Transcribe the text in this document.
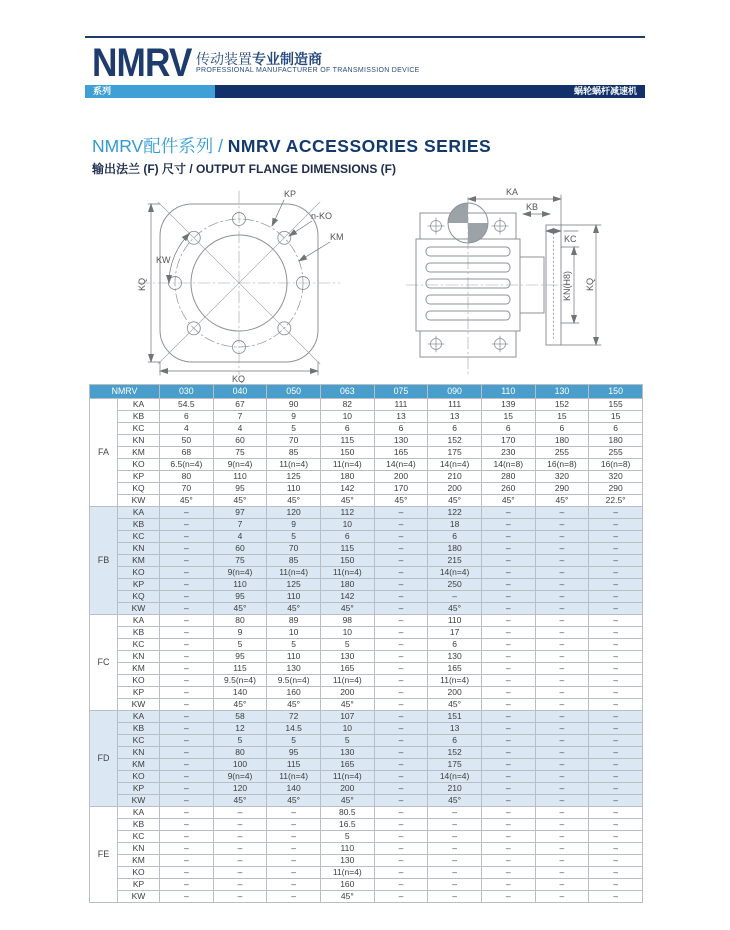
NMRV 传动装置专业制造商
PROFESSIONAL MANUFACTURER OF TRANSMISSION DEVICE
系列	蜗轮蜗杆减速机
NMRV配件系列 / NMRV ACCESSORIES SERIES
输出法兰 (F) 尺寸 / OUTPUT FLANGE DIMENSIONS (F)
KP
n-KO
KM
KW
KQ
KQ
KA
KB
KC
KN(H8) KQ
NMRV		030	040	050	063	075	090	110	130	150
FA	KA	54.5	67	90	82	111	111	139	152	155
	KB	6	7	9	10	13	13	15	15	15
	KC	4	4	5	6	6	6	6	6	6
	KN	50	60	70	115	130	152	170	180	180
	KM	68	75	85	150	165	175	230	255	255
	KO	6.5(n=4)	9(n=4)	11(n=4)	11(n=4)	14(n=4)	14(n=4)	14(n=8)	16(n=8)	16(n=8)
	KP	80	110	125	180	200	210	280	320	320
	KQ	70	95	110	142	170	200	260	290	290
	KW	45°	45°	45°	45°	45°	45°	45°	45°	22.5°
FB	KA	–	97	120	112	–	122	–	–	–
	KB	–	7	9	10	–	18	–	–	–
	KC	–	4	5	6	–	6	–	–	–
	KN	–	60	70	115	–	180	–	–	–
	KM	–	75	85	150	–	215	–	–	–
	KO	–	9(n=4)	11(n=4)	11(n=4)	–	14(n=4)	–	–	–
	KP	–	110	125	180	–	250	–	–	–
	KQ	–	95	110	142	–	–	–	–	–
	KW	–	45°	45°	45°	–	45°	–	–	–
FC	KA	–	80	89	98	–	110	–	–	–
	KB	–	9	10	10	–	17	–	–	–
	KC	–	5	5	5	–	6	–	–	–
	KN	–	95	110	130	–	130	–	–	–
	KM	–	115	130	165	–	165	–	–	–
	KO	–	9.5(n=4)	9.5(n=4)	11(n=4)	–	11(n=4)	–	–	–
	KP	–	140	160	200	–	200	–	–	–
	KW	–	45°	45°	45°	–	45°	–	–	–
FD	KA	–	58	72	107	–	151	–	–	–
	KB	–	12	14.5	10	–	13	–	–	–
	KC	–	5	5	5	–	6	–	–	–
	KN	–	80	95	130	–	152	–	–	–
	KM	–	100	115	165	–	175	–	–	–
	KO	–	9(n=4)	11(n=4)	11(n=4)	–	14(n=4)	–	–	–
	KP	–	120	140	200	–	210	–	–	–
	KW	–	45°	45°	45°	–	45°	–	–	–
FE	KA	–	–	–	80.5	–	–	–	–	–
	KB	–	–	–	16.5	–	–	–	–	–
	KC	–	–	–	5	–	–	–	–	–
	KN	–	–	–	110	–	–	–	–	–
	KM	–	–	–	130	–	–	–	–	–
	KO	–	–	–	11(n=4)	–	–	–	–	–
	KP	–	–	–	160	–	–	–	–	–
	KW	–	–	–	45°	–	–	–	–	–
